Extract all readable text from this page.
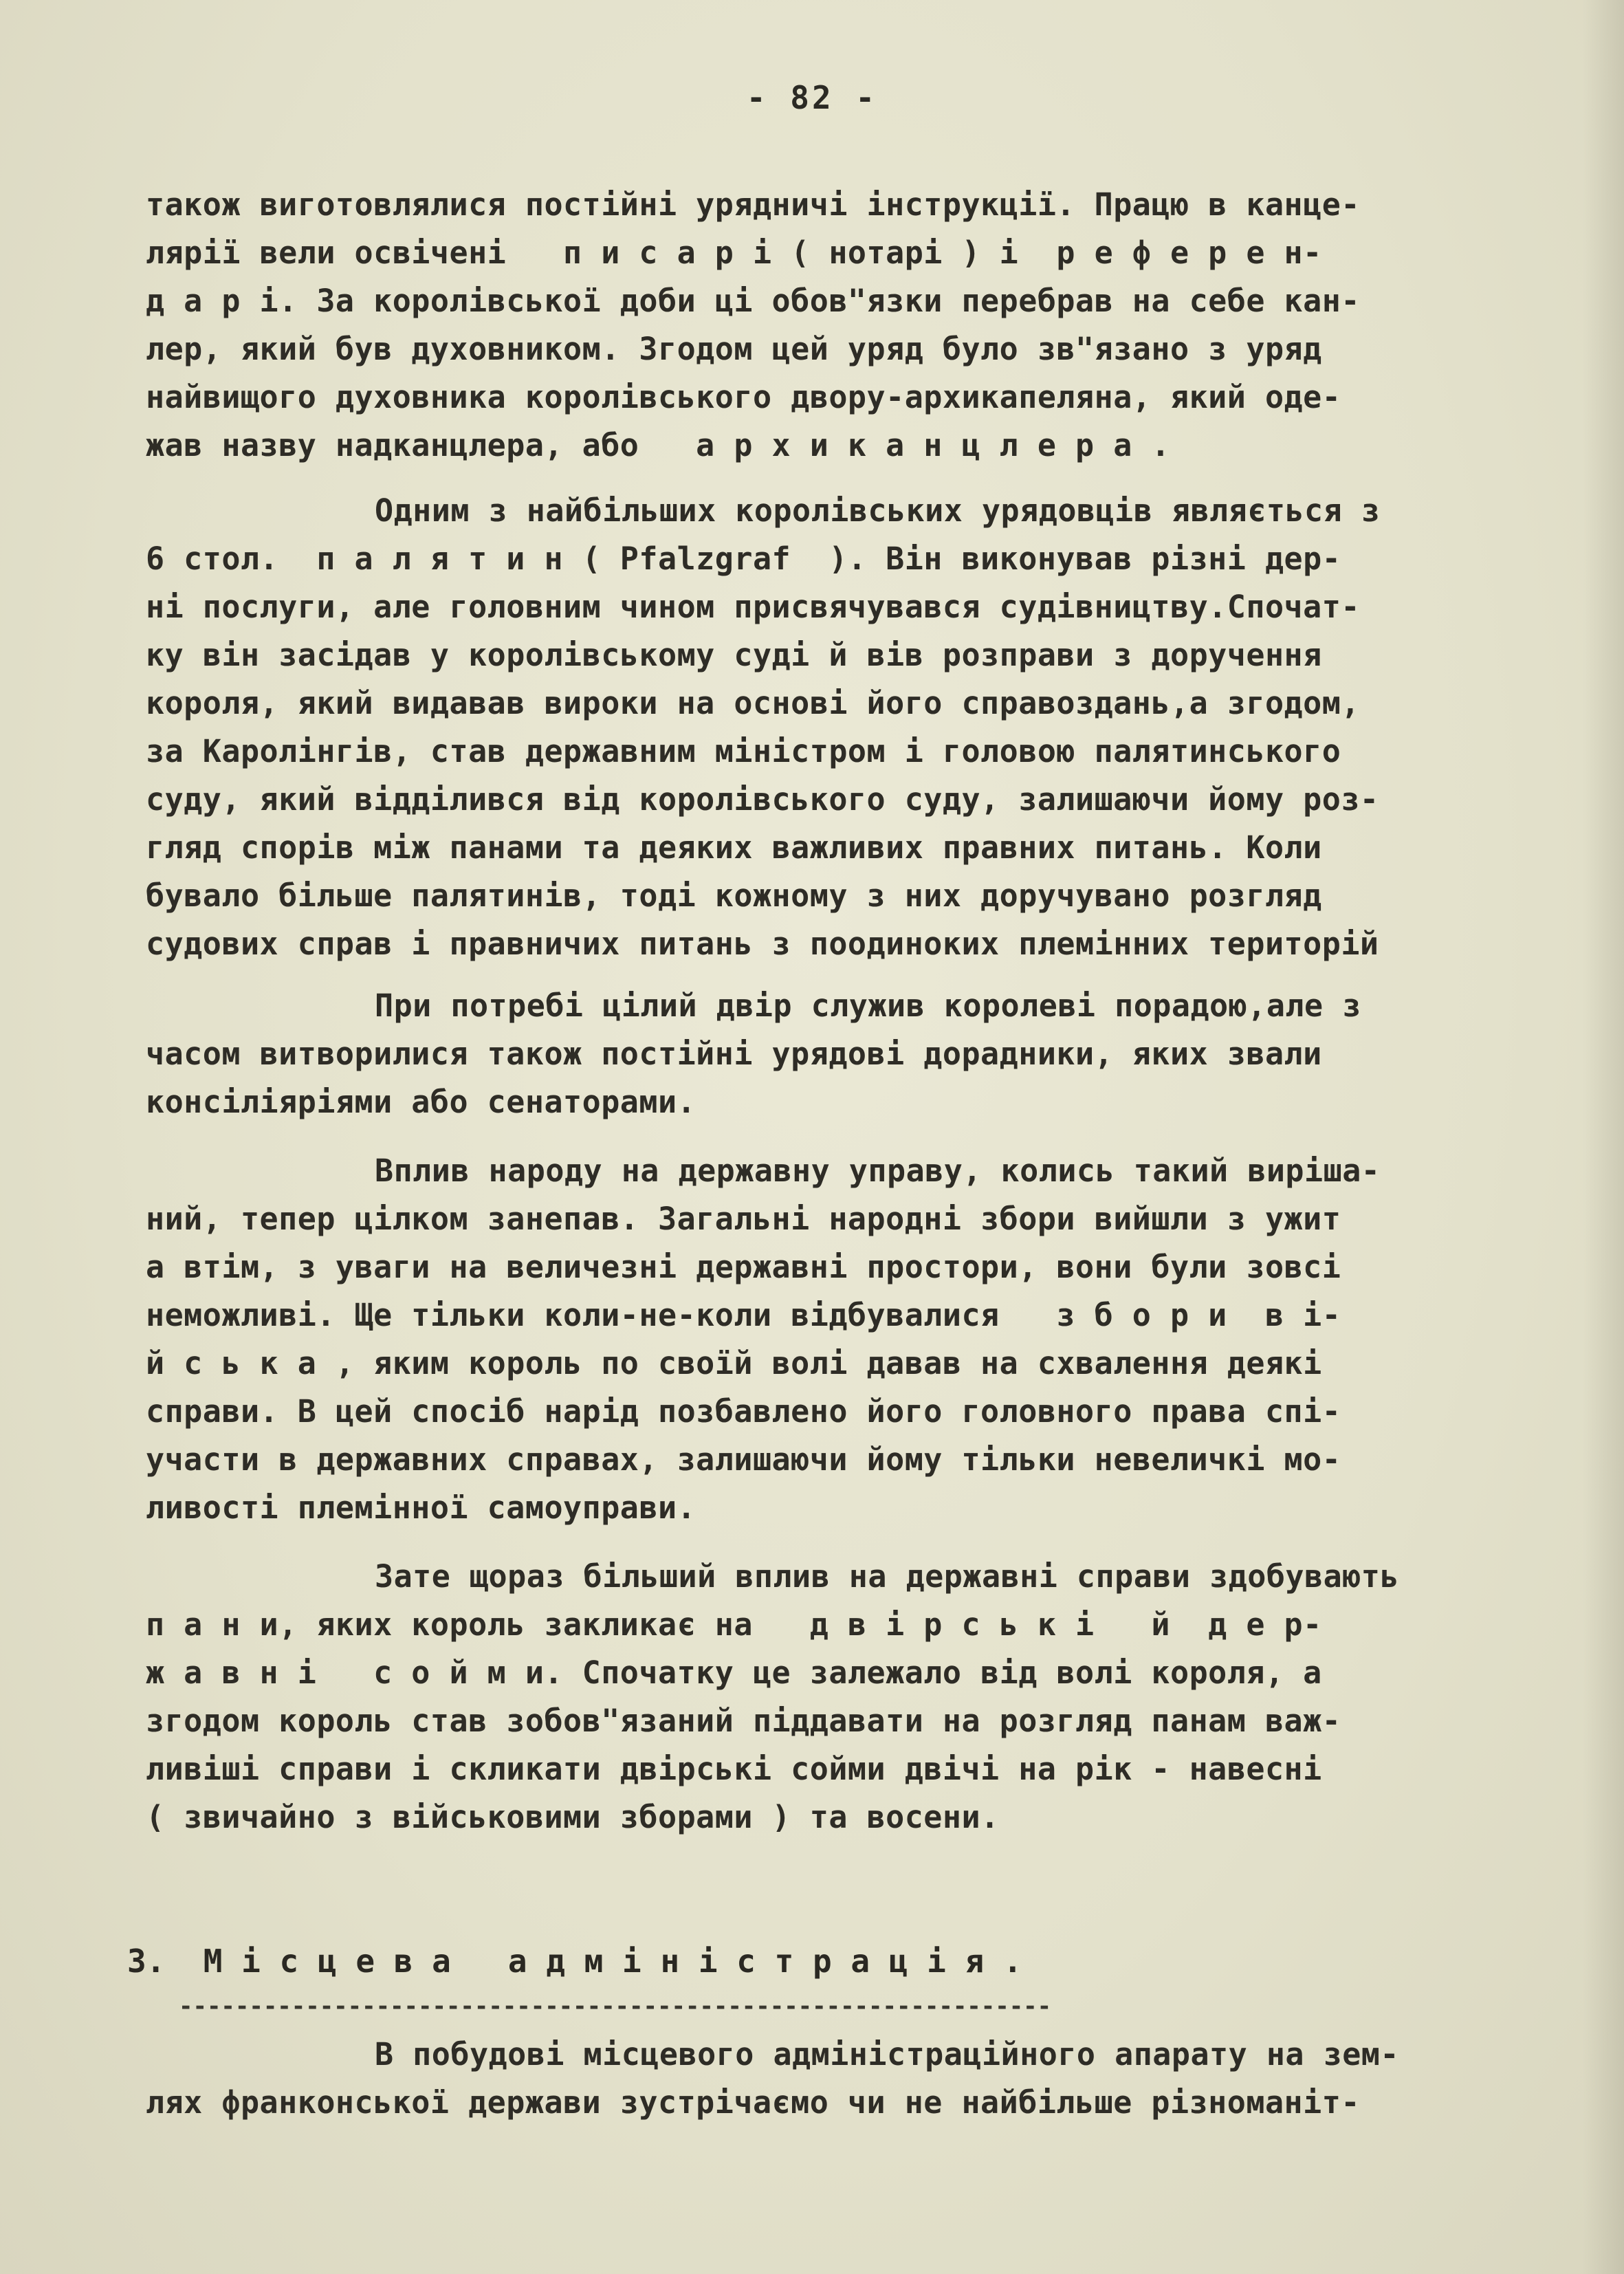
- 82 -
також виготовлялися постійні урядничі інструкції. Працю в канце-
лярії вели освічені   п и с а р і ( нотарі ) і  р е ф е р е н-
д а р і. За королівської доби ці обов"язки перебрав на себе кан-
лер, який був духовником. Згодом цей уряд було зв"язано з уряд
найвищого духовника королівського двору-архикапеляна, який оде-
жав назву надканцлера, або   а р х и к а н ц л е р а .
Одним з найбільших королівських урядовців являється з
6 стол.  п а л я т и н ( Pfalzgraf  ). Він виконував різні дер-
ні послуги, але головним чином присвячувався судівництву.Спочат-
ку він засідав у королівському суді й вів розправи з доручення
короля, який видавав вироки на основі його справоздань,а згодом,
за Каролінгів, став державним міністром і головою палятинського
суду, який відділився від королівського суду, залишаючи йому роз-
гляд спорів між панами та деяких важливих правних питань. Коли
бувало більше палятинів, тоді кожному з них доручувано розгляд
судових справ і правничих питань з поодиноких племінних територій
При потребі цілий двір служив королеві порадою,але з
часом витворилися також постійні урядові дорадники, яких звали
консіліяріями або сенаторами.
Вплив народу на державну управу, колись такий виріша-
ний, тепер цілком занепав. Загальні народні збори вийшли з ужит
а втім, з уваги на величезні державні простори, вони були зовсі
неможливі. Ще тільки коли-не-коли відбувалися   з б о р и  в і-
й с ь к а , яким король по своїй волі давав на схвалення деякі
справи. В цей спосіб нарід позбавлено його головного права спі-
участи в державних справах, залишаючи йому тільки невеличкі мо-
ливості племінної самоуправи.
Зате щораз більший вплив на державні справи здобувають
п а н и, яких король закликає на   д в і р с ь к і   й  д е р-
ж а в н і   с о й м и. Спочатку це залежало від волі короля, а
згодом король став зобов"язаний піддавати на розгляд панам важ-
ливіші справи і скликати двірські сойми двічі на рік - навесні
( звичайно з військовими зборами ) та восени.
3.  М і с ц е в а   а д м і н і с т р а ц і я .
--------------------------------------------------------------
В побудові місцевого адміністраційного апарату на зем-
лях франконської держави зустрічаємо чи не найбільше різноманіт-
